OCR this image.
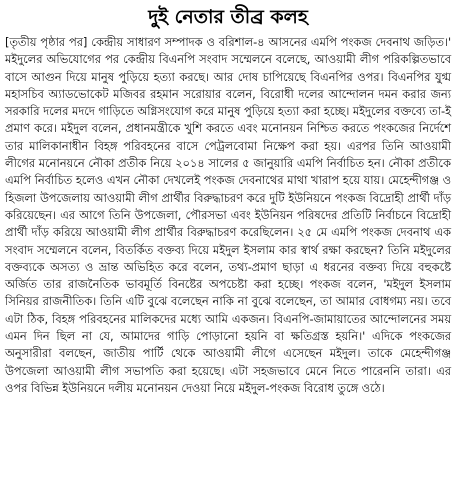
দুই নেতার তীব্র কলহ

[তৃতীয় পৃষ্ঠার পর] কেন্দ্রীয় সাধারণ সম্পাদক ও বরিশাল-৪ আসনের এমপি পংকজ দেবনাথ জড়িত।' মইদুলের অভিযোগের পর কেন্দ্রীয় বিএনপি সংবাদ সম্মেলনে বলেছে, আওয়ামী লীগ পরিকল্পিতভাবে বাসে আগুন দিয়ে মানুষ পুড়িয়ে হত্যা করছে। আর দোষ চাপিয়েছে বিএনপির ওপর। বিএনপির যুগ্ম মহাসচিব অ্যাডভোকেট মজিবর রহমান সরোয়ার বলেন, বিরোধী দলের আন্দোলন দমন করার জন্য সরকারি দলের মদদে গাড়িতে অগ্নিসংযোগ করে মানুষ পুড়িয়ে হত্যা করা হচ্ছে। মইদুলের বক্তব্যে তা-ই প্রমাণ করে। মইদুল বলেন, প্রধানমন্ত্রীকে খুশি করতে এবং মনোনয়ন নিশ্চিত করতে পংকজের নির্দেশে তার মালিকানাধীন বিহঙ্গ পরিবহনের বাসে পেট্রলবোমা নিক্ষেপ করা হয়। এরপর তিনি আওয়ামী লীগের মনোনয়নে নৌকা প্রতীক নিয়ে ২০১৪ সালের ৫ জানুয়ারি এমপি নির্বাচিত হন। নৌকা প্রতীকে এমপি নির্বাচিত হলেও এখন নৌকা দেখলেই পংকজ দেবনাথের মাথা খারাপ হয়ে যায়। মেহেন্দীগঞ্জ ও হিজলা উপজেলায় আওয়ামী লীগ প্রার্থীর বিরুদ্ধাচরণ করে দুটি ইউনিয়নে পংকজ বিদ্রোহী প্রার্থী দাঁড় করিয়েছেন। এর আগে তিনি উপজেলা, পৌরসভা এবং ইউনিয়ন পরিষদের প্রতিটি নির্বাচনে বিদ্রোহী প্রার্থী দাঁড় করিয়ে আওয়ামী লীগ প্রার্থীর বিরুদ্ধাচরণ করেছিলেন। ২৫ মে এমপি পংকজ দেবনাথ এক সংবাদ সম্মেলনে বলেন, বিতর্কিত বক্তব্য দিয়ে মইদুল ইসলাম কার স্বার্থ রক্ষা করছেন? তিনি মইদুলের বক্তব্যকে অসত্য ও ভ্রান্ত অভিহিত করে বলেন, তথ্য-প্রমাণ ছাড়া এ ধরনের বক্তব্য দিয়ে বহুকষ্টে অর্জিত তার রাজনৈতিক ভাবমূর্তি বিনষ্টের অপচেষ্টা করা হচ্ছে। পংকজ বলেন, 'মইদুল ইসলাম সিনিয়র রাজনীতিক। তিনি এটি বুঝে বলেছেন নাকি না বুঝে বলেছেন, তা আমার বোধগম্য নয়। তবে এটা ঠিক, বিহঙ্গ পরিবহনের মালিকদের মধ্যে আমি একজন। বিএনপি-জামায়াতের আন্দোলনের সময় এমন দিন ছিল না যে, আমাদের গাড়ি পোড়ানো হয়নি বা ক্ষতিগ্রস্ত হয়নি।' এদিকে পংকজের অনুসারীরা বলছেন, জাতীয় পার্টি থেকে আওয়ামী লীগে এসেছেন মইদুল। তাকে মেহেন্দীগঞ্জ উপজেলা আওয়ামী লীগ সভাপতি করা হয়েছে। এটা সহজভাবে মেনে নিতে পারেননি তারা। এর ওপর বিভিন্ন ইউনিয়নে দলীয় মনোনয়ন দেওয়া নিয়ে মইদুল-পংকজ বিরোধ তুঙ্গে ওঠে।
